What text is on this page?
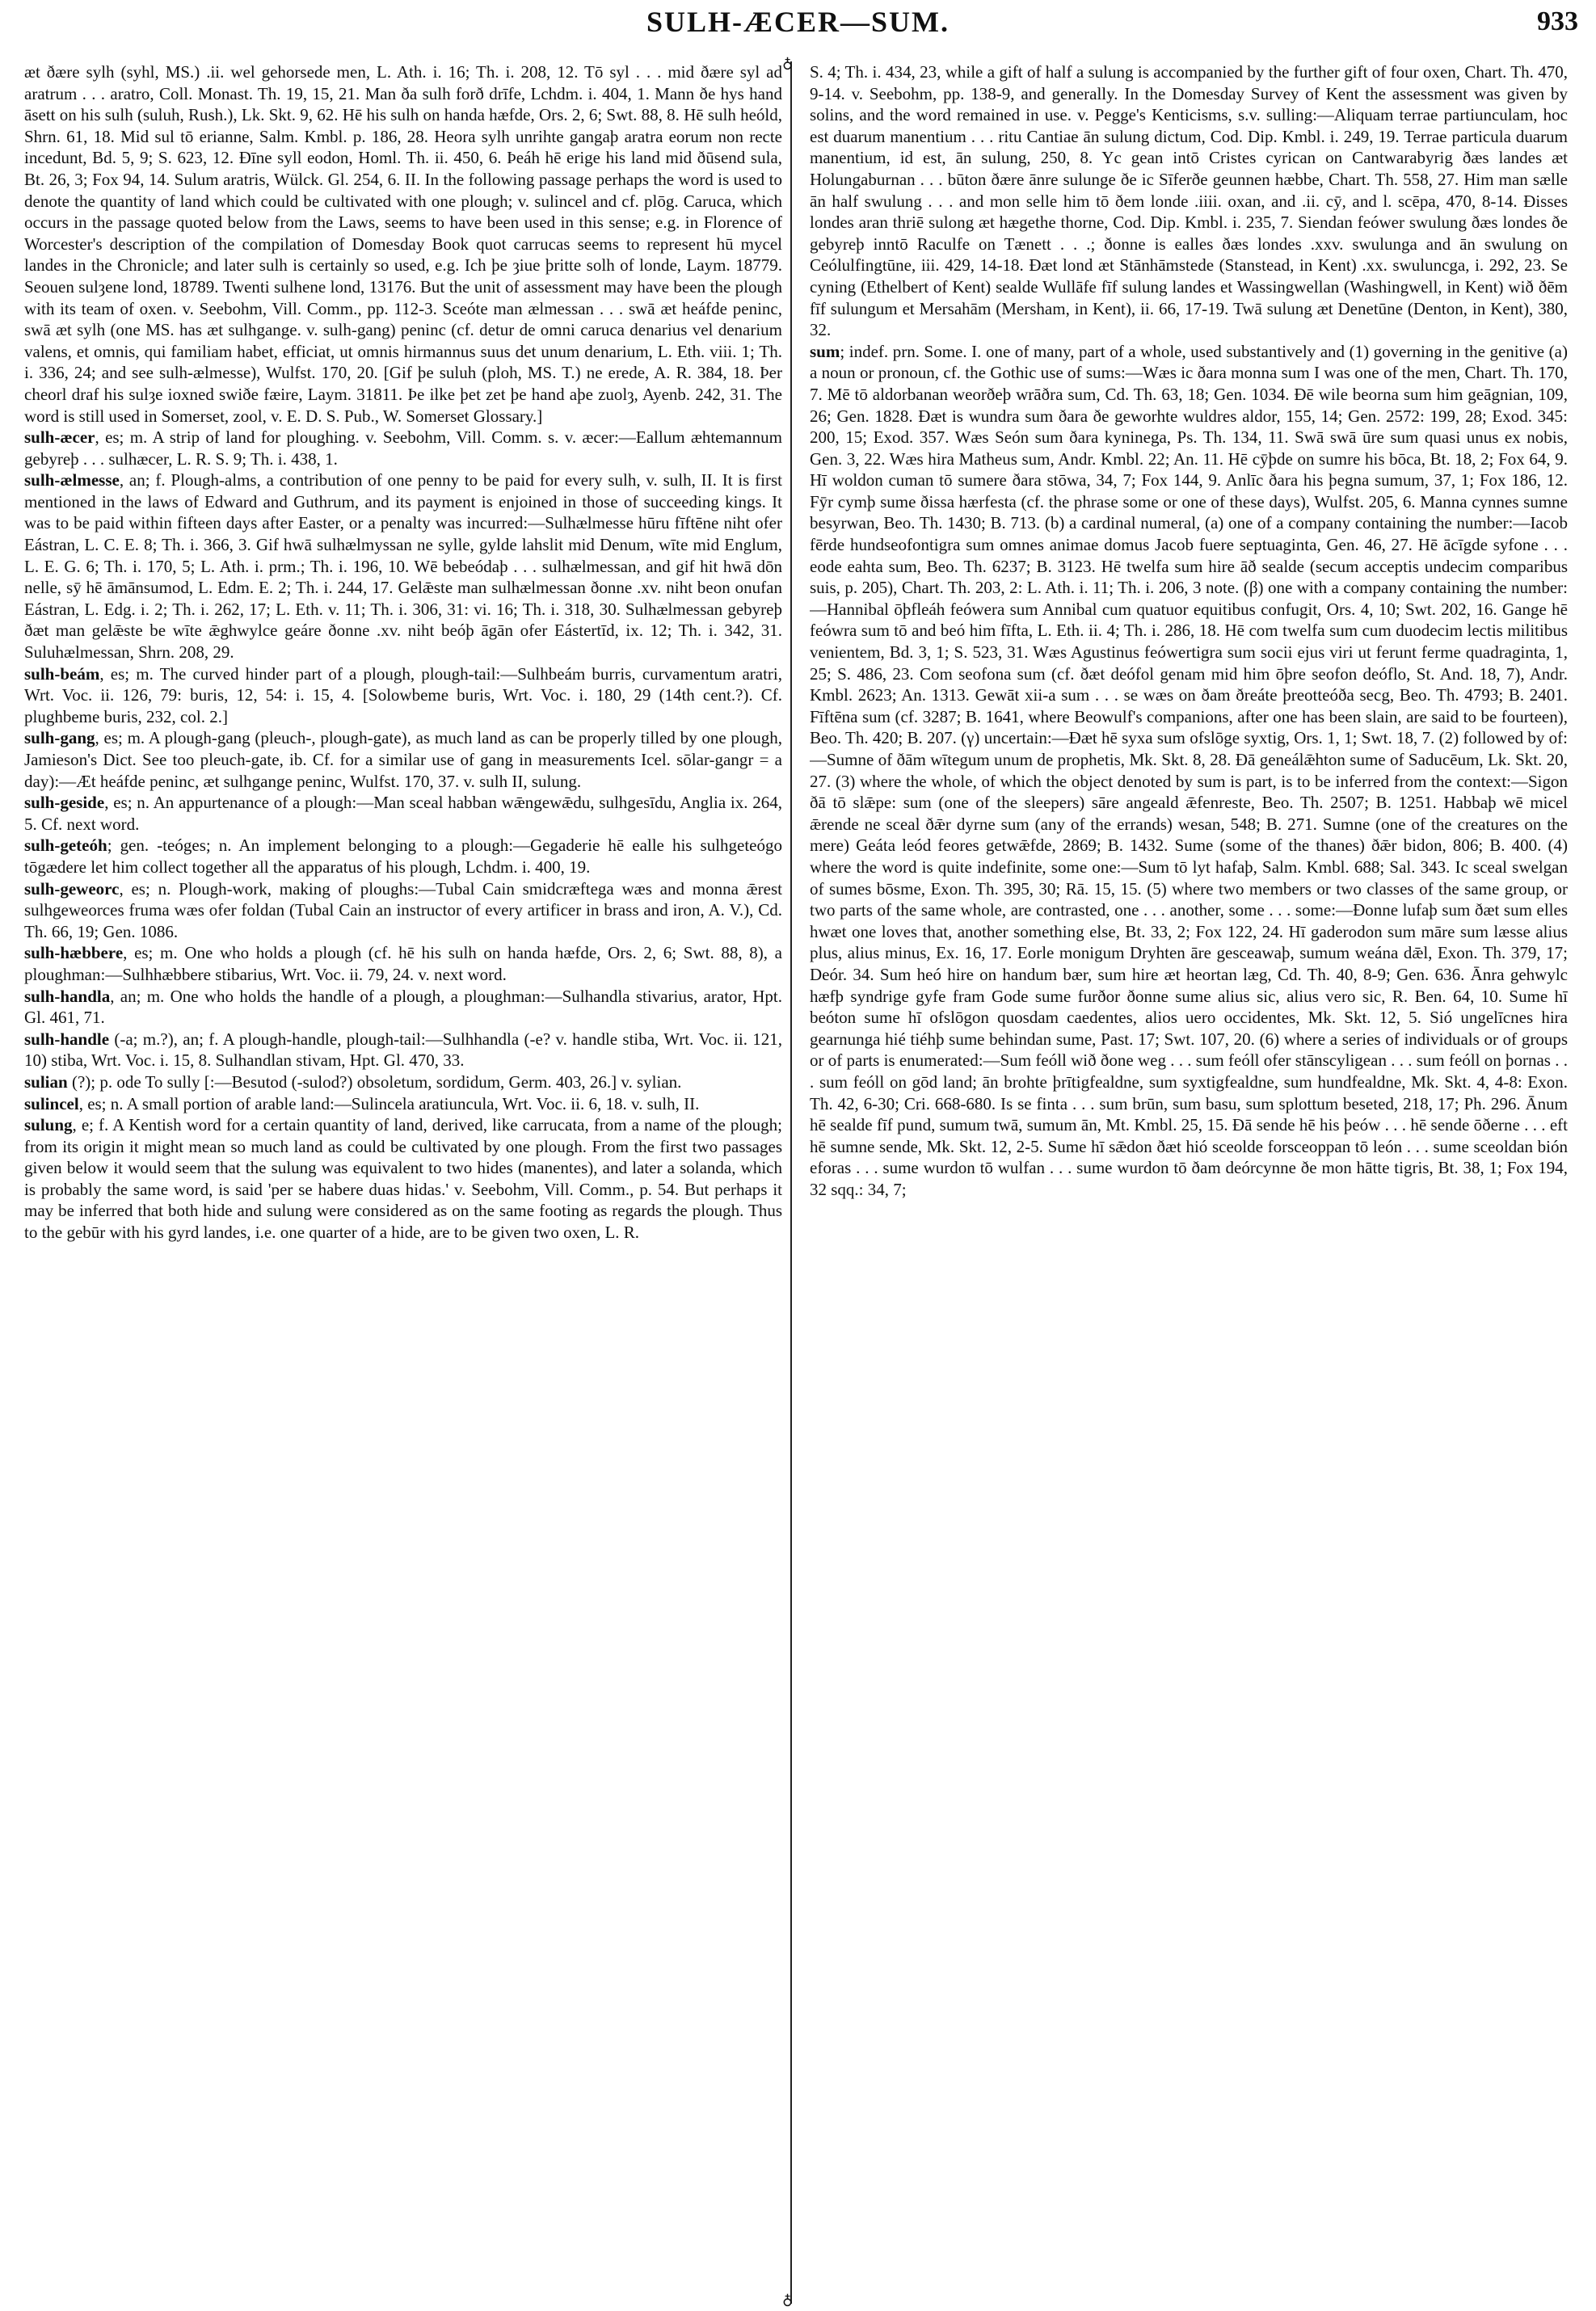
SULH-ÆCER—SUM.	933
♁
♁

æt ðære sylh (syhl, MS.) .ii. wel gehorsede men, L. Ath. i. 16; Th. i. 208, 12. Tō syl . . . mid ðære syl ad aratrum . . . aratro, Coll. Monast. Th. 19, 15, 21. Man ða sulh forð drīfe, Lchdm. i. 404, 1. Mann ðe hys hand āsett on his sulh (suluh, Rush.), Lk. Skt. 9, 62. Hē his sulh on handa hæfde, Ors. 2, 6; Swt. 88, 8. Hē sulh heóld, Shrn. 61, 18. Mid sul tō erianne, Salm. Kmbl. p. 186, 28. Heora sylh unrihte gangaþ aratra eorum non recte incedunt, Bd. 5, 9; S. 623, 12. Ðīne syll eodon, Homl. Th. ii. 450, 6. Þeáh hē erige his land mid ðūsend sula, Bt. 26, 3; Fox 94, 14. Sulum aratris, Wülck. Gl. 254, 6. II. In the following passage perhaps the word is used to denote the quantity of land which could be cultivated with one plough; v. sulincel and cf. plōg. Caruca, which occurs in the passage quoted below from the Laws, seems to have been used in this sense; e.g. in Florence of Worcester's description of the compilation of Domesday Book quot carrucas seems to represent hū mycel landes in the Chronicle; and later sulh is certainly so used, e.g. Ich þe ȝiue þritte solh of londe, Laym. 18779. Seouen sulȝene lond, 18789. Twenti sulhene lond, 13176. But the unit of assessment may have been the plough with its team of oxen. v. Seebohm, Vill. Comm., pp. 112-3. Sceóte man ælmessan . . . swā æt heáfde peninc, swā æt sylh (one MS. has æt sulhgange. v. sulh-gang) peninc (cf. detur de omni caruca denarius vel denarium valens, et omnis, qui familiam habet, efficiat, ut omnis hirmannus suus det unum denarium, L. Eth. viii. 1; Th. i. 336, 24; and see sulh-ælmesse), Wulfst. 170, 20. [Gif þe suluh (ploh, MS. T.) ne erede, A. R. 384, 18. Þer cheorl draf his sulȝe ioxned swiðe fæire, Laym. 31811. Þe ilke þet zet þe hand aþe zuolȝ, Ayenb. 242, 31. The word is still used in Somerset, zool, v. E. D. S. Pub., W. Somerset Glossary.]

sulh-æcer, es; m. A strip of land for ploughing. v. Seebohm, Vill. Comm. s. v. æcer:—Eallum æhtemannum gebyreþ . . . sulhæcer, L. R. S. 9; Th. i. 438, 1.

sulh-ælmesse, an; f. Plough-alms, a contribution of one penny to be paid for every sulh, v. sulh, II. It is first mentioned in the laws of Edward and Guthrum, and its payment is enjoined in those of succeeding kings. It was to be paid within fifteen days after Easter, or a penalty was incurred:—Sulhælmesse hūru fīftēne niht ofer Eástran, L. C. E. 8; Th. i. 366, 3. Gif hwā sulhælmyssan ne sylle, gylde lahslit mid Denum, wīte mid Englum, L. E. G. 6; Th. i. 170, 5; L. Ath. i. prm.; Th. i. 196, 10. Wē bebeódaþ . . . sulhælmessan, and gif hit hwā dōn nelle, sȳ hē āmānsumod, L. Edm. E. 2; Th. i. 244, 17. Gelǣste man sulhælmessan ðonne .xv. niht beon onufan Eástran, L. Edg. i. 2; Th. i. 262, 17; L. Eth. v. 11; Th. i. 306, 31: vi. 16; Th. i. 318, 30. Sulhælmessan gebyreþ ðæt man gelǣste be wīte ǣghwylce geáre ðonne .xv. niht beóþ āgān ofer Eástertīd, ix. 12; Th. i. 342, 31. Suluhælmessan, Shrn. 208, 29.

sulh-beám, es; m. The curved hinder part of a plough, plough-tail:—Sulhbeám burris, curvamentum aratri, Wrt. Voc. ii. 126, 79: buris, 12, 54: i. 15, 4. [Solowbeme buris, Wrt. Voc. i. 180, 29 (14th cent.?). Cf. plughbeme buris, 232, col. 2.]

sulh-gang, es; m. A plough-gang (pleuch-, plough-gate), as much land as can be properly tilled by one plough, Jamieson's Dict. See too pleuch-gate, ib. Cf. for a similar use of gang in measurements Icel. sōlar-gangr = a day):—Æt heáfde peninc, æt sulhgange peninc, Wulfst. 170, 37. v. sulh II, sulung.

sulh-geside, es; n. An appurtenance of a plough:—Man sceal habban wǣngewǣdu, sulhgesīdu, Anglia ix. 264, 5. Cf. next word.

sulh-geteóh; gen. -teóges; n. An implement belonging to a plough:—Gegaderie hē ealle his sulhgeteógo tōgædere let him collect together all the apparatus of his plough, Lchdm. i. 400, 19.

sulh-geweorc, es; n. Plough-work, making of ploughs:—Tubal Cain smidcræftega wæs and monna ǣrest sulhgeweorces fruma wæs ofer foldan (Tubal Cain an instructor of every artificer in brass and iron, A. V.), Cd. Th. 66, 19; Gen. 1086.

sulh-hæbbere, es; m. One who holds a plough (cf. hē his sulh on handa hæfde, Ors. 2, 6; Swt. 88, 8), a ploughman:—Sulhhæbbere stibarius, Wrt. Voc. ii. 79, 24. v. next word.

sulh-handla, an; m. One who holds the handle of a plough, a ploughman:—Sulhandla stivarius, arator, Hpt. Gl. 461, 71.

sulh-handle (-a; m.?), an; f. A plough-handle, plough-tail:—Sulhhandla (-e? v. handle stiba, Wrt. Voc. ii. 121, 10) stiba, Wrt. Voc. i. 15, 8. Sulhandlan stivam, Hpt. Gl. 470, 33.

sulian (?); p. ode To sully [:—Besutod (-sulod?) obsoletum, sordidum, Germ. 403, 26.] v. sylian.

sulincel, es; n. A small portion of arable land:—Sulincela aratiuncula, Wrt. Voc. ii. 6, 18. v. sulh, II.

sulung, e; f. A Kentish word for a certain quantity of land, derived, like carrucata, from a name of the plough; from its origin it might mean so much land as could be cultivated by one plough. From the first two passages given below it would seem that the sulung was equivalent to two hides (manentes), and later a solanda, which is probably the same word, is said 'per se habere duas hidas.' v. Seebohm, Vill. Comm., p. 54. But perhaps it may be inferred that both hide and sulung were considered as on the same footing as regards the plough. Thus to the gebūr with his gyrd landes, i.e. one quarter of a hide, are to be given two oxen, L. R.

S. 4; Th. i. 434, 23, while a gift of half a sulung is accompanied by the further gift of four oxen, Chart. Th. 470, 9-14. v. Seebohm, pp. 138-9, and generally. In the Domesday Survey of Kent the assessment was given by solins, and the word remained in use. v. Pegge's Kenticisms, s.v. sulling:—Aliquam terrae partiunculam, hoc est duarum manentium . . . ritu Cantiae ān sulung dictum, Cod. Dip. Kmbl. i. 249, 19. Terrae particula duarum manentium, id est, ān sulung, 250, 8. Yc gean intō Cristes cyrican on Cantwarabyrig ðæs landes æt Holungaburnan . . . būton ðære ānre sulunge ðe ic Sīferðe geunnen hæbbe, Chart. Th. 558, 27. Him man sælle ān half swulung . . . and mon selle him tō ðem londe .iiii. oxan, and .ii. cȳ, and l. scēpa, 470, 8-14. Ðisses londes aran thriē sulong æt hægethe thorne, Cod. Dip. Kmbl. i. 235, 7. Siendan feówer swulung ðæs londes ðe gebyreþ inntō Raculfe on Tænett . . .; ðonne is ealles ðæs londes .xxv. swulunga and ān swulung on Ceólulfingtūne, iii. 429, 14-18. Ðæt lond æt Stānhāmstede (Stanstead, in Kent) .xx. swuluncga, i. 292, 23. Se cyning (Ethelbert of Kent) sealde Wullāfe fīf sulung landes et Wassingwellan (Washingwell, in Kent) wið ðēm fīf sulungum et Mersahām (Mersham, in Kent), ii. 66, 17-19. Twā sulung æt Denetūne (Denton, in Kent), 380, 32.

sum; indef. prn. Some. I. one of many, part of a whole, used substantively and (1) governing in the genitive (a) a noun or pronoun, cf. the Gothic use of sums:—Wæs ic ðara monna sum I was one of the men, Chart. Th. 170, 7. Mē tō aldorbanan weorðeþ wrāðra sum, Cd. Th. 63, 18; Gen. 1034. Ðē wile beorna sum him geāgnian, 109, 26; Gen. 1828. Ðæt is wundra sum ðara ðe geworhte wuldres aldor, 155, 14; Gen. 2572: 199, 28; Exod. 345: 200, 15; Exod. 357. Wæs Seón sum ðara kyninega, Ps. Th. 134, 11. Swā swā ūre sum quasi unus ex nobis, Gen. 3, 22. Wæs hira Matheus sum, Andr. Kmbl. 22; An. 11. Hē cȳþde on sumre his bōca, Bt. 18, 2; Fox 64, 9. Hī woldon cuman tō sumere ðara stōwa, 34, 7; Fox 144, 9. Anlīc ðara his þegna sumum, 37, 1; Fox 186, 12. Fȳr cymþ sume ðissa hærfesta (cf. the phrase some or one of these days), Wulfst. 205, 6. Manna cynnes sumne besyrwan, Beo. Th. 1430; B. 713. (b) a cardinal numeral, (a) one of a company containing the number:—Iacob fērde hundseofontigra sum omnes animae domus Jacob fuere septuaginta, Gen. 46, 27. Hē ācīgde syfone . . . eode eahta sum, Beo. Th. 6237; B. 3123. Hē twelfa sum hire āð sealde (secum acceptis undecim comparibus suis, p. 205), Chart. Th. 203, 2: L. Ath. i. 11; Th. i. 206, 3 note. (β) one with a company containing the number:—Hannibal ōþfleáh feówera sum Annibal cum quatuor equitibus confugit, Ors. 4, 10; Swt. 202, 16. Gange hē feówra sum tō and beó him fīfta, L. Eth. ii. 4; Th. i. 286, 18. Hē com twelfa sum cum duodecim lectis militibus venientem, Bd. 3, 1; S. 523, 31. Wæs Agustinus feówertigra sum socii ejus viri ut ferunt ferme quadraginta, 1, 25; S. 486, 23. Com seofona sum (cf. ðæt deófol genam mid him ōþre seofon deóflo, St. And. 18, 7), Andr. Kmbl. 2623; An. 1313. Gewāt xii-a sum . . . se wæs on ðam ðreáte þreotteóða secg, Beo. Th. 4793; B. 2401. Fīftēna sum (cf. 3287; B. 1641, where Beowulf's companions, after one has been slain, are said to be fourteen), Beo. Th. 420; B. 207. (γ) uncertain:—Ðæt hē syxa sum ofslōge syxtig, Ors. 1, 1; Swt. 18, 7. (2) followed by of:—Sumne of ðām wītegum unum de prophetis, Mk. Skt. 8, 28. Ðā geneálǣhton sume of Saducēum, Lk. Skt. 20, 27. (3) where the whole, of which the object denoted by sum is part, is to be inferred from the context:—Sigon ðā tō slǣpe: sum (one of the sleepers) sāre angeald ǣfenreste, Beo. Th. 2507; B. 1251. Habbaþ wē micel ǣrende ne sceal ðǣr dyrne sum (any of the errands) wesan, 548; B. 271. Sumne (one of the creatures on the mere) Geáta leód feores getwǣfde, 2869; B. 1432. Sume (some of the thanes) ðǣr bidon, 806; B. 400. (4) where the word is quite indefinite, some one:—Sum tō lyt hafaþ, Salm. Kmbl. 688; Sal. 343. Ic sceal swelgan of sumes bōsme, Exon. Th. 395, 30; Rā. 15, 15. (5) where two members or two classes of the same group, or two parts of the same whole, are contrasted, one . . . another, some . . . some:—Ðonne lufaþ sum ðæt sum elles hwæt one loves that, another something else, Bt. 33, 2; Fox 122, 24. Hī gaderodon sum māre sum læsse alius plus, alius minus, Ex. 16, 17. Eorle monigum Dryhten āre gesceawaþ, sumum weána dǣl, Exon. Th. 379, 17; Deór. 34. Sum heó hire on handum bær, sum hire æt heortan læg, Cd. Th. 40, 8-9; Gen. 636. Ānra gehwylc hæfþ syndrige gyfe fram Gode sume furðor ðonne sume alius sic, alius vero sic, R. Ben. 64, 10. Sume hī beóton sume hī ofslōgon quosdam caedentes, alios uero occidentes, Mk. Skt. 12, 5. Sió ungelīcnes hira gearnunga hié tiéhþ sume behindan sume, Past. 17; Swt. 107, 20. (6) where a series of individuals or of groups or of parts is enumerated:—Sum feóll wið ðone weg . . . sum feóll ofer stānscyligean . . . sum feóll on þornas . . . sum feóll on gōd land; ān brohte þrītigfealdne, sum syxtigfealdne, sum hundfealdne, Mk. Skt. 4, 4-8: Exon. Th. 42, 6-30; Cri. 668-680. Is se finta . . . sum brūn, sum basu, sum splottum beseted, 218, 17; Ph. 296. Ānum hē sealde fīf pund, sumum twā, sumum ān, Mt. Kmbl. 25, 15. Ðā sende hē his þeów . . . hē sende ōðerne . . . eft hē sumne sende, Mk. Skt. 12, 2-5. Sume hī sǣdon ðæt hió sceolde forsceoppan tō león . . . sume sceoldan bión eforas . . . sume wurdon tō wulfan . . . sume wurdon tō ðam deórcynne ðe mon hātte tigris, Bt. 38, 1; Fox 194, 32 sqq.: 34, 7;
